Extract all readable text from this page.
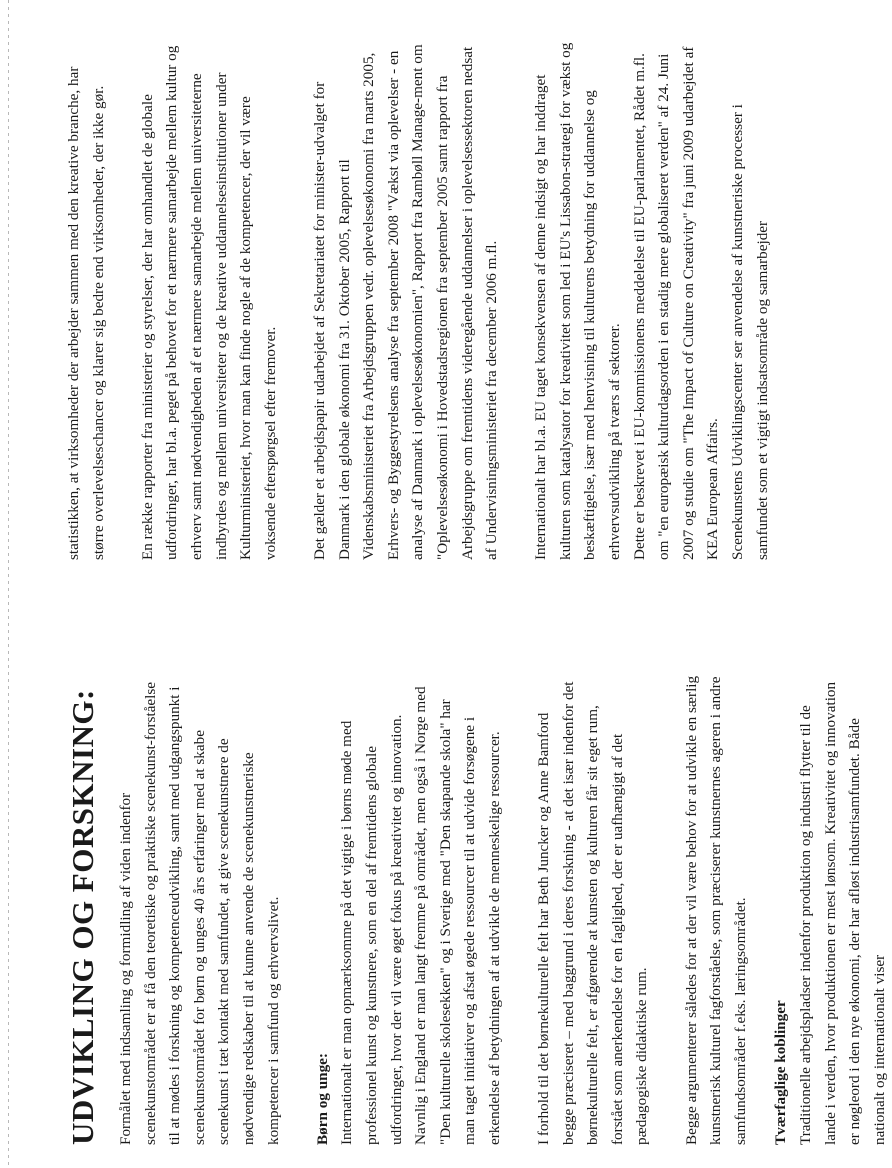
UDVIKLING OG FORSKNING: Formålet med indsamling og formidling af viden indenfor scenekunstområdet er at få den teoretiske og praktiske scenekunst-forståelse til at mødes i forskning og kompetenceudvikling, samt med udgangspunkt i scenekunstområdet for børn og unges 40 års erfaringer med at skabe scenekunst i tæt kontakt med samfundet, at give scenekunstnere de nødvendige redskaber til at kunne anvende de scenekunstneriske kompetencer i samfund og erhvervslivet.	Børn og unge: Internationalt er man opmærksomme på det vigtige i børns møde med professionel kunst og kunstnere, som en del af fremtidens globale udfordringer, hvor der vil være øget fokus på kreativitet og innovation. Navnlig i England er man langt fremme på området, men også i Norge med "Den kulturelle skolesekken" og i Sverige med "Den skapande skola" har man taget initiativer og afsat øgede ressourcer til at udvide forsøgene i erkendelse af betydningen af at udvikle de menneskelige ressourcer.	I forhold til det børnekulturelle felt har Beth Juncker og Anne Bamford begge præciseret – med baggrund i deres forskning - at det især indenfor det børnekulturelle felt, er afgørende at kunsten og kulturen får sit eget rum, forstået som anerkendelse for en faglighed, der er uafhængigt af det pædagogiske didaktiske rum.	Begge argumenterer således for at der vil være behov for at udvikle en særlig kunstnerisk kulturel fagforståelse, som præciserer kunstnernes ageren i andre samfundsområder f.eks. læringsområdet.	Tværfaglige koblinger Traditionelle arbejdspladser indenfor produktion og industri flytter til de lande i verden, hvor produktionen er mest lønsom. Kreativitet og innovation er nøgleord i den nye økonomi, der har afløst industrisamfundet. Både nationalt og internationalt viser

statistikken, at virksomheder der arbejder sammen med den kreative branche, har større overlevelseschancer og klarer sig bedre end virksomheder, der ikke gør.	En række rapporter fra ministerier og styrelser, der har omhandlet de globale udfordringer, har bl.a. peget på behovet for et nærmere samarbejde mellem kultur og erhverv samt nødvendigheden af et nærmere samarbejde mellem universiteterne indbyrdes og mellem universiteter og de kreative uddannelsesinstitutioner under Kulturministeriet, hvor man kan finde nogle af de kompetencer, der vil være voksende efterspørgsel efter fremover.	Det gælder et arbejdspapir udarbejdet af Sekretariatet for minister-udvalget for Danmark i den globale økonomi fra 31. Oktober 2005, Rapport til Videnskabsministeriet fra Arbejdsgruppen vedr. oplevelsesøkonomi fra marts 2005, Erhvers- og Byggestyrelsens analyse fra september 2008 "Vækst via oplevelser - en analyse af Danmark i oplevelsesøkonomien", Rapport fra Rambøll Manage-ment om "Oplevelsesøkonomi i Hovedstadsregionen fra september 2005 samt rapport fra Arbejdsgruppe om fremtidens videregående uddannelser i oplevelsessektoren nedsat af Undervisningsministeriet fra december 2006 m.fl.	Internationalt har bl.a. EU taget konsekvensen af denne indsigt og har inddraget kulturen som katalysator for kreativitet som led i EU's Lissabon-strategi for vækst og beskæftigelse, især med henvisning til kulturens betydning for uddannelse og erhvervsudvikling på tværs af sektorer. Dette er beskrevet i EU-kommissionens meddelelse til EU-parlamentet, Rådet m.fl. om "en europæisk kulturdagsorden i en stadig mere globaliseret verden" af 24. Juni 2007 og studie om "The Impact of Culture on Creativity" fra juni 2009 udarbejdet af KEA European Affairs. Scenekunstens Udviklingscenter ser anvendelse af kunstneriske processer i samfundet som et vigtigt indsatsområde og samarbejder
